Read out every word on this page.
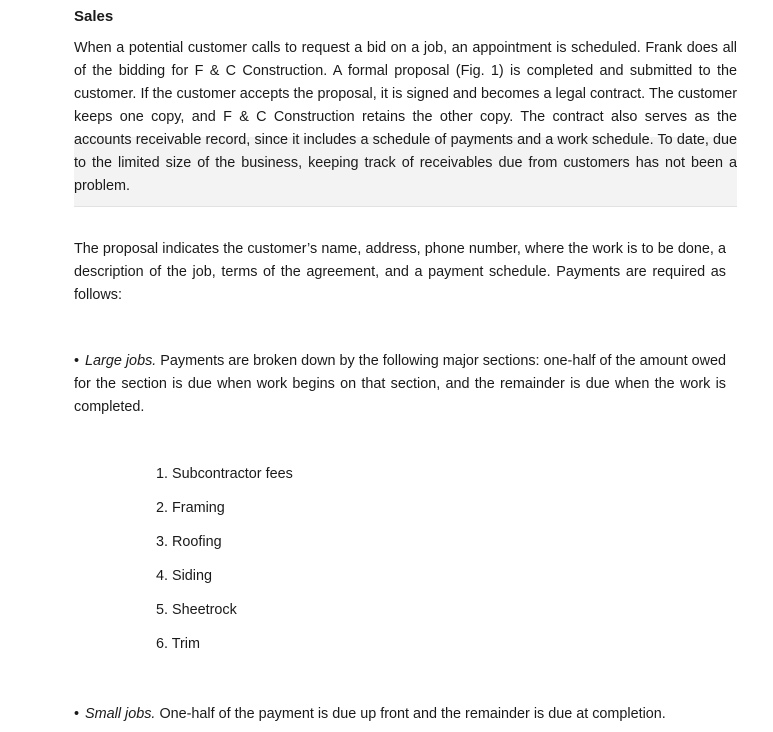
Sales

When a potential customer calls to request a bid on a job, an appointment is scheduled. Frank does all of the bidding for F & C Construction. A formal proposal (Fig. 1) is completed and submitted to the customer. If the customer accepts the proposal, it is signed and becomes a legal contract. The customer keeps one copy, and F & C Construction retains the other copy. The contract also serves as the accounts receivable record, since it includes a schedule of payments and a work schedule. To date, due to the limited size of the business, keeping track of receivables due from customers has not been a problem.

The proposal indicates the customer’s name, address, phone number, where the work is to be done, a description of the job, terms of the agreement, and a payment schedule. Payments are required as follows:

• Large jobs. Payments are broken down by the following major sections: one-half of the amount owed for the section is due when work begins on that section, and the remainder is due when the work is completed.

1. Subcontractor fees
2. Framing
3. Roofing
4. Siding
5. Sheetrock
6. Trim

• Small jobs. One-half of the payment is due up front and the remainder is due at completion.
